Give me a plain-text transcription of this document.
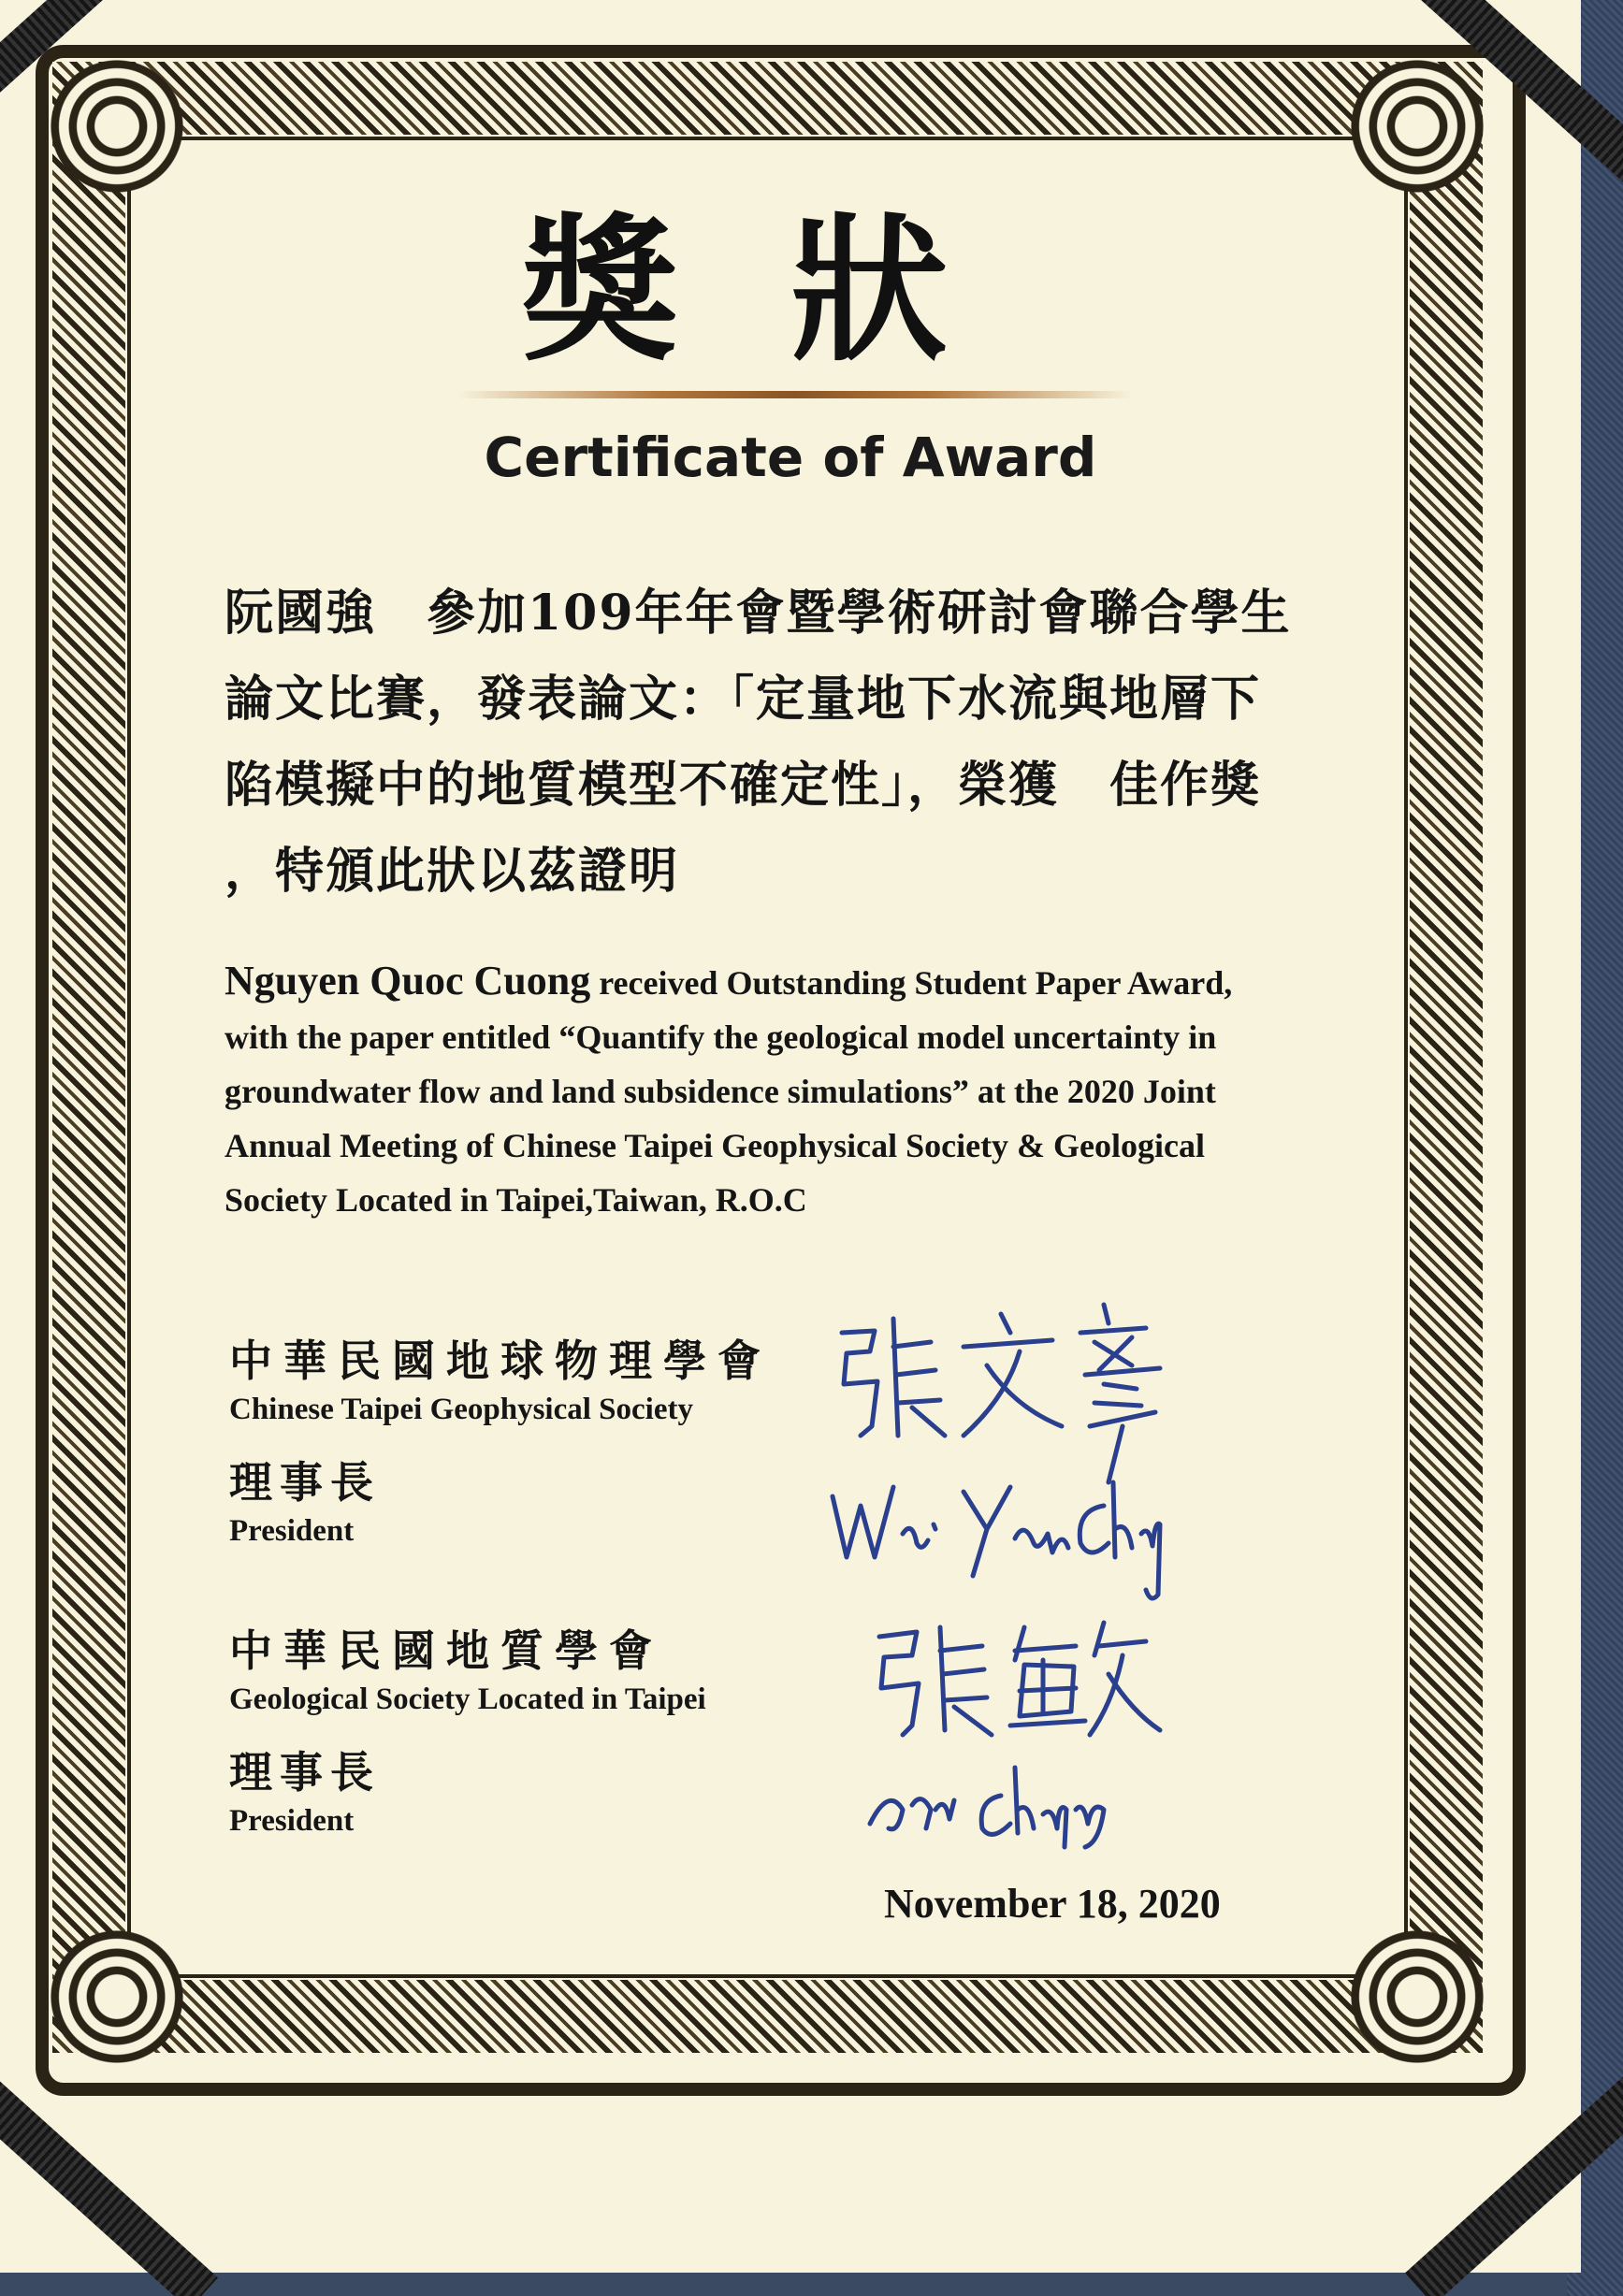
獎狀
Certificate of Award
阮國強　參加109年年會暨學術研討會聯合學生
論文比賽，發表論文：「定量地下水流與地層下
陷模擬中的地質模型不確定性」，榮獲　佳作獎
，特頒此狀以茲證明
Nguyen Quoc Cuong received Outstanding Student Paper Award,
with the paper entitled “Quantify the geological model uncertainty in
groundwater flow and land subsidence simulations” at the 2020 Joint
Annual Meeting of Chinese Taipei Geophysical Society & Geological
Society Located in Taipei,Taiwan, R.O.C
中華民國地球物理學會
Chinese Taipei Geophysical Society
理事長
President
中華民國地質學會
Geological Society Located in Taipei
理事長
President
November 18, 2020
